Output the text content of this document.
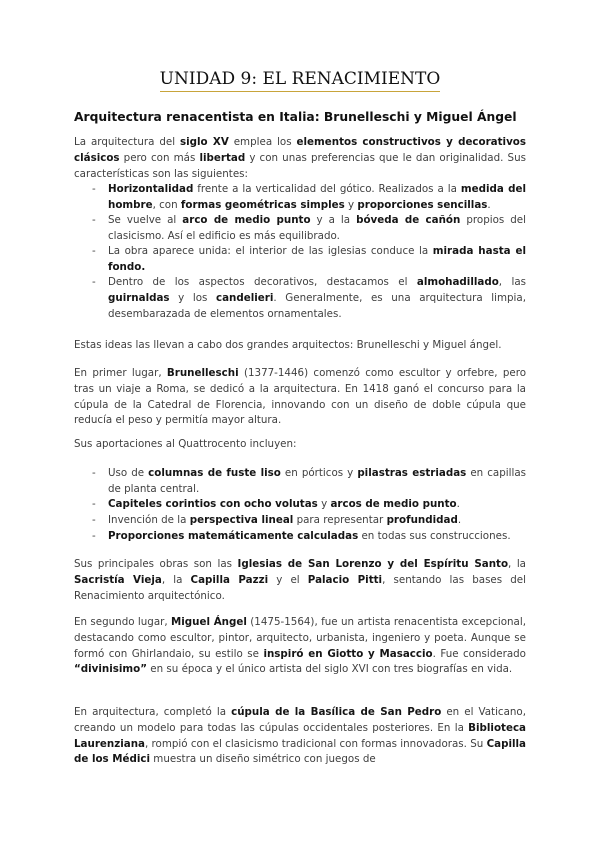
UNIDAD 9: EL RENACIMIENTO
Arquitectura renacentista en Italia: Brunelleschi y Miguel Ángel
La arquitectura del siglo XV emplea los elementos constructivos y decorativos clásicos pero con más libertad y con unas preferencias que le dan originalidad. Sus características son las siguientes:
- Horizontalidad frente a la verticalidad del gótico. Realizados a la medida del hombre, con formas geométricas simples y proporciones sencillas.
- Se vuelve al arco de medio punto y a la bóveda de cañón propios del clasicismo. Así el edificio es más equilibrado.
- La obra aparece unida: el interior de las iglesias conduce la mirada hasta el fondo.
- Dentro de los aspectos decorativos, destacamos el almohadillado, las guirnaldas y los candelieri. Generalmente, es una arquitectura limpia, desembarazada de elementos ornamentales.
Estas ideas las llevan a cabo dos grandes arquitectos: Brunelleschi y Miguel ángel.
En primer lugar, Brunelleschi (1377-1446) comenzó como escultor y orfebre, pero tras un viaje a Roma, se dedicó a la arquitectura. En 1418 ganó el concurso para la cúpula de la Catedral de Florencia, innovando con un diseño de doble cúpula que reducía el peso y permitía mayor altura.
Sus aportaciones al Quattrocento incluyen:
- Uso de columnas de fuste liso en pórticos y pilastras estriadas en capillas de planta central.
- Capiteles corintios con ocho volutas y arcos de medio punto.
- Invención de la perspectiva lineal para representar profundidad.
- Proporciones matemáticamente calculadas en todas sus construcciones.
Sus principales obras son las Iglesias de San Lorenzo y del Espíritu Santo, la Sacristía Vieja, la Capilla Pazzi y el Palacio Pitti, sentando las bases del Renacimiento arquitectónico.
En segundo lugar, Miguel Ángel (1475-1564), fue un artista renacentista excepcional, destacando como escultor, pintor, arquitecto, urbanista, ingeniero y poeta. Aunque se formó con Ghirlandaio, su estilo se inspiró en Giotto y Masaccio. Fue considerado “divinisimo” en su época y el único artista del siglo XVI con tres biografías en vida.
En arquitectura, completó la cúpula de la Basílica de San Pedro en el Vaticano, creando un modelo para todas las cúpulas occidentales posteriores. En la Biblioteca Laurenziana, rompió con el clasicismo tradicional con formas innovadoras. Su Capilla de los Médici muestra un diseño simétrico con juegos de
